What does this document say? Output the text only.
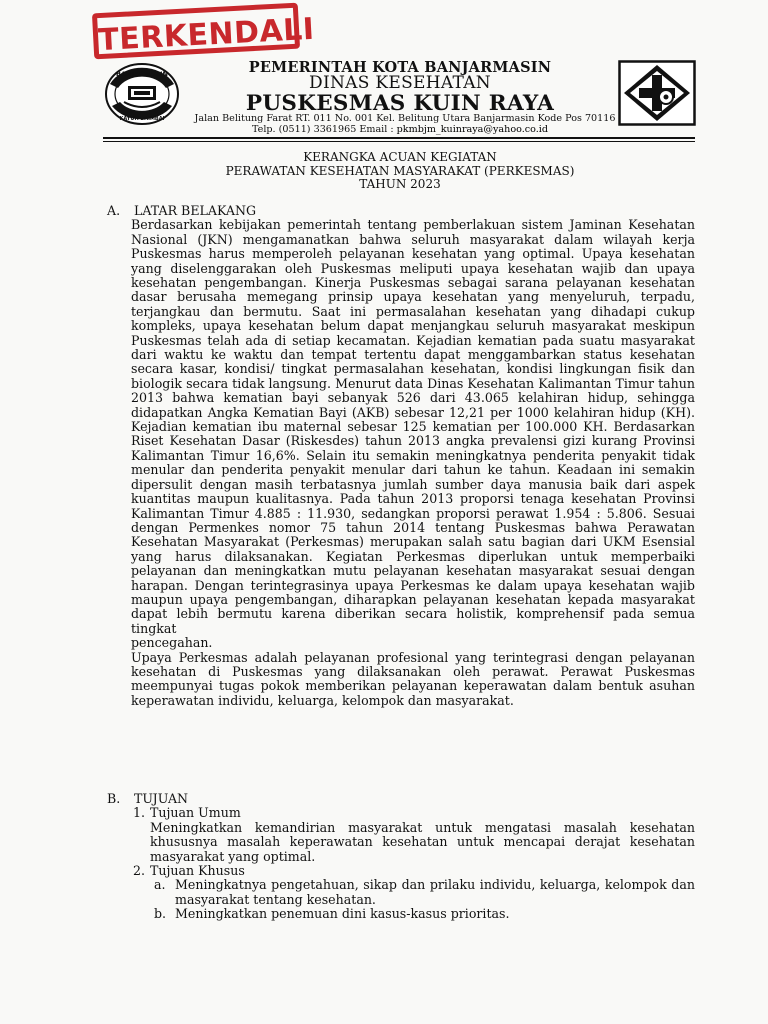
TERKENDALI
BANJARMASIN
KAYUH BAIMBAI
PEMERINTAH KOTA BANJARMASIN
DINAS KESEHATAN
PUSKESMAS KUIN RAYA
Jalan Belitung Farat RT. 011 No. 001 Kel. Belitung Utara Banjarmasin Kode Pos 70116
Telp. (0511) 3361965 Email : pkmbjm_kuinraya@yahoo.co.id
KERANGKA ACUAN KEGIATAN
PERAWATAN KESEHATAN MASYARAKAT (PERKESMAS)
TAHUN 2023
A. LATAR BELAKANG

Berdasarkan kebijakan pemerintah tentang pemberlakuan sistem Jaminan Kesehatan Nasional (JKN) mengamanatkan bahwa seluruh masyarakat dalam wilayah kerja Puskesmas harus memperoleh pelayanan kesehatan yang optimal. Upaya kesehatan yang diselenggarakan oleh Puskesmas meliputi upaya kesehatan wajib dan upaya kesehatan pengembangan. Kinerja Puskesmas sebagai sarana pelayanan kesehatan dasar berusaha memegang prinsip upaya kesehatan yang menyeluruh, terpadu, terjangkau dan bermutu. Saat ini permasalahan kesehatan yang dihadapi cukup kompleks, upaya kesehatan belum dapat menjangkau seluruh masyarakat meskipun Puskesmas telah ada di setiap kecamatan. Kejadian kematian pada suatu masyarakat dari waktu ke waktu dan tempat tertentu dapat menggambarkan status kesehatan secara kasar, kondisi/ tingkat permasalahan kesehatan, kondisi lingkungan fisik dan biologik secara tidak langsung. Menurut data Dinas Kesehatan Kalimantan Timur tahun 2013 bahwa kematian bayi sebanyak 526 dari 43.065 kelahiran hidup, sehingga didapatkan Angka Kematian Bayi (AKB) sebesar 12,21 per 1000 kelahiran hidup (KH). Kejadian kematian ibu maternal sebesar 125 kematian per 100.000 KH. Berdasarkan Riset Kesehatan Dasar (Riskesdes) tahun 2013 angka prevalensi gizi kurang Provinsi Kalimantan Timur 16,6%. Selain itu semakin meningkatnya penderita penyakit tidak menular dan penderita penyakit menular dari tahun ke tahun. Keadaan ini semakin dipersulit dengan masih terbatasnya jumlah sumber daya manusia baik dari aspek kuantitas maupun kualitasnya. Pada tahun 2013 proporsi tenaga kesehatan Provinsi Kalimantan Timur 4.885 : 11.930, sedangkan proporsi perawat 1.954 : 5.806. Sesuai dengan Permenkes nomor 75 tahun 2014 tentang Puskesmas bahwa Perawatan Kesehatan Masyarakat (Perkesmas) merupakan salah satu bagian dari UKM Esensial yang harus dilaksanakan. Kegiatan Perkesmas diperlukan untuk memperbaiki pelayanan dan meningkatkan mutu pelayanan kesehatan masyarakat sesuai dengan harapan. Dengan terintegrasinya upaya Perkesmas ke dalam upaya kesehatan wajib maupun upaya pengembangan, diharapkan pelayanan kesehatan kepada masyarakat dapat lebih bermutu karena diberikan secara holistik, komprehensif pada semua tingkat

pencegahan.

Upaya Perkesmas adalah pelayanan profesional yang terintegrasi dengan pelayanan kesehatan di Puskesmas yang dilaksanakan oleh perawat. Perawat Puskesmas meempunyai tugas pokok memberikan pelayanan keperawatan dalam bentuk asuhan keperawatan individu, keluarga, kelompok dan masyarakat.

B. TUJUAN
1. Tujuan Umum

Meningkatkan kemandirian masyarakat untuk mengatasi masalah kesehatan khususnya masalah keperawatan kesehatan untuk mencapai derajat kesehatan masyarakat yang optimal.

2. Tujuan Khusus
a. Meningkatnya pengetahuan, sikap dan prilaku individu, keluarga, kelompok dan masyarakat tentang kesehatan.
b. Meningkatkan penemuan dini kasus-kasus prioritas.
